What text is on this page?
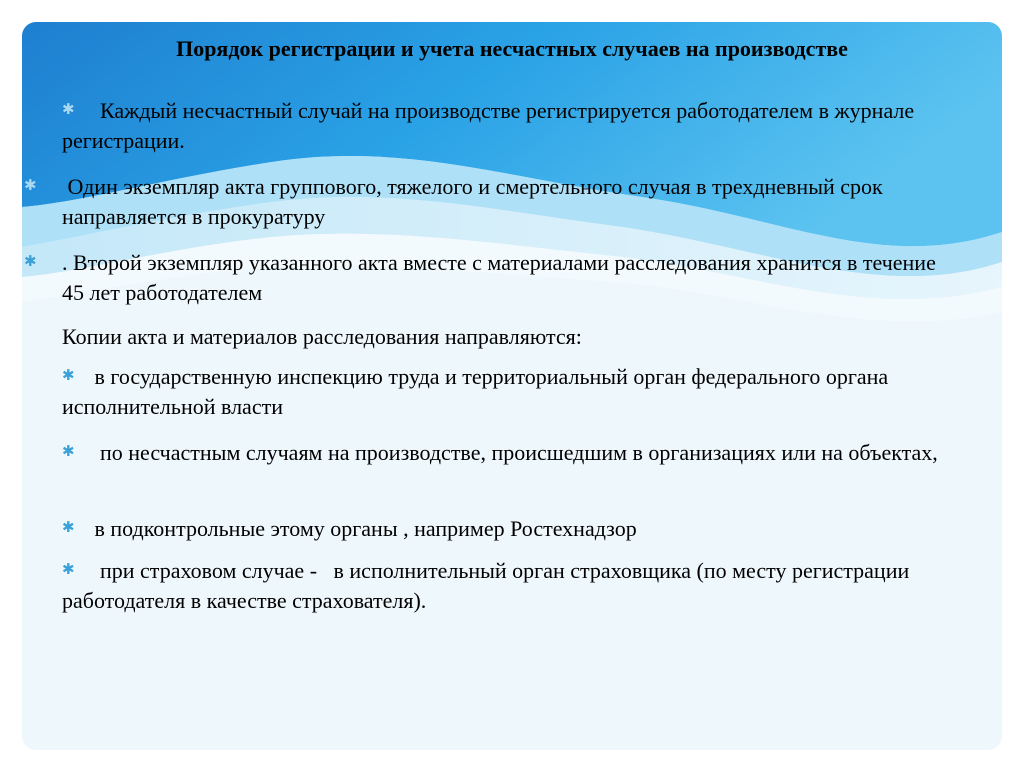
Порядок регистрации и учета несчастных случаев на производстве
✱ Каждый несчастный случай на производстве регистрируется работодателем в журнале регистрации.
✱ Один экземпляр акта группового, тяжелого и смертельного случая в трехдневный срок направляется в прокуратуру
✱ . Второй экземпляр указанного акта вместе с материалами расследования хранится в течение 45 лет работодателем
Копии акта и материалов расследования направляются:
✱ в государственную инспекцию труда и территориальный орган федерального органа исполнительной власти
✱ по несчастным случаям на производстве, происшедшим в организациях или на объектах,
✱ в подконтрольные этому органы , например Ростехнадзор
✱ при страховом случае -   в исполнительный орган страховщика (по месту регистрации работодателя в качестве страхователя).
